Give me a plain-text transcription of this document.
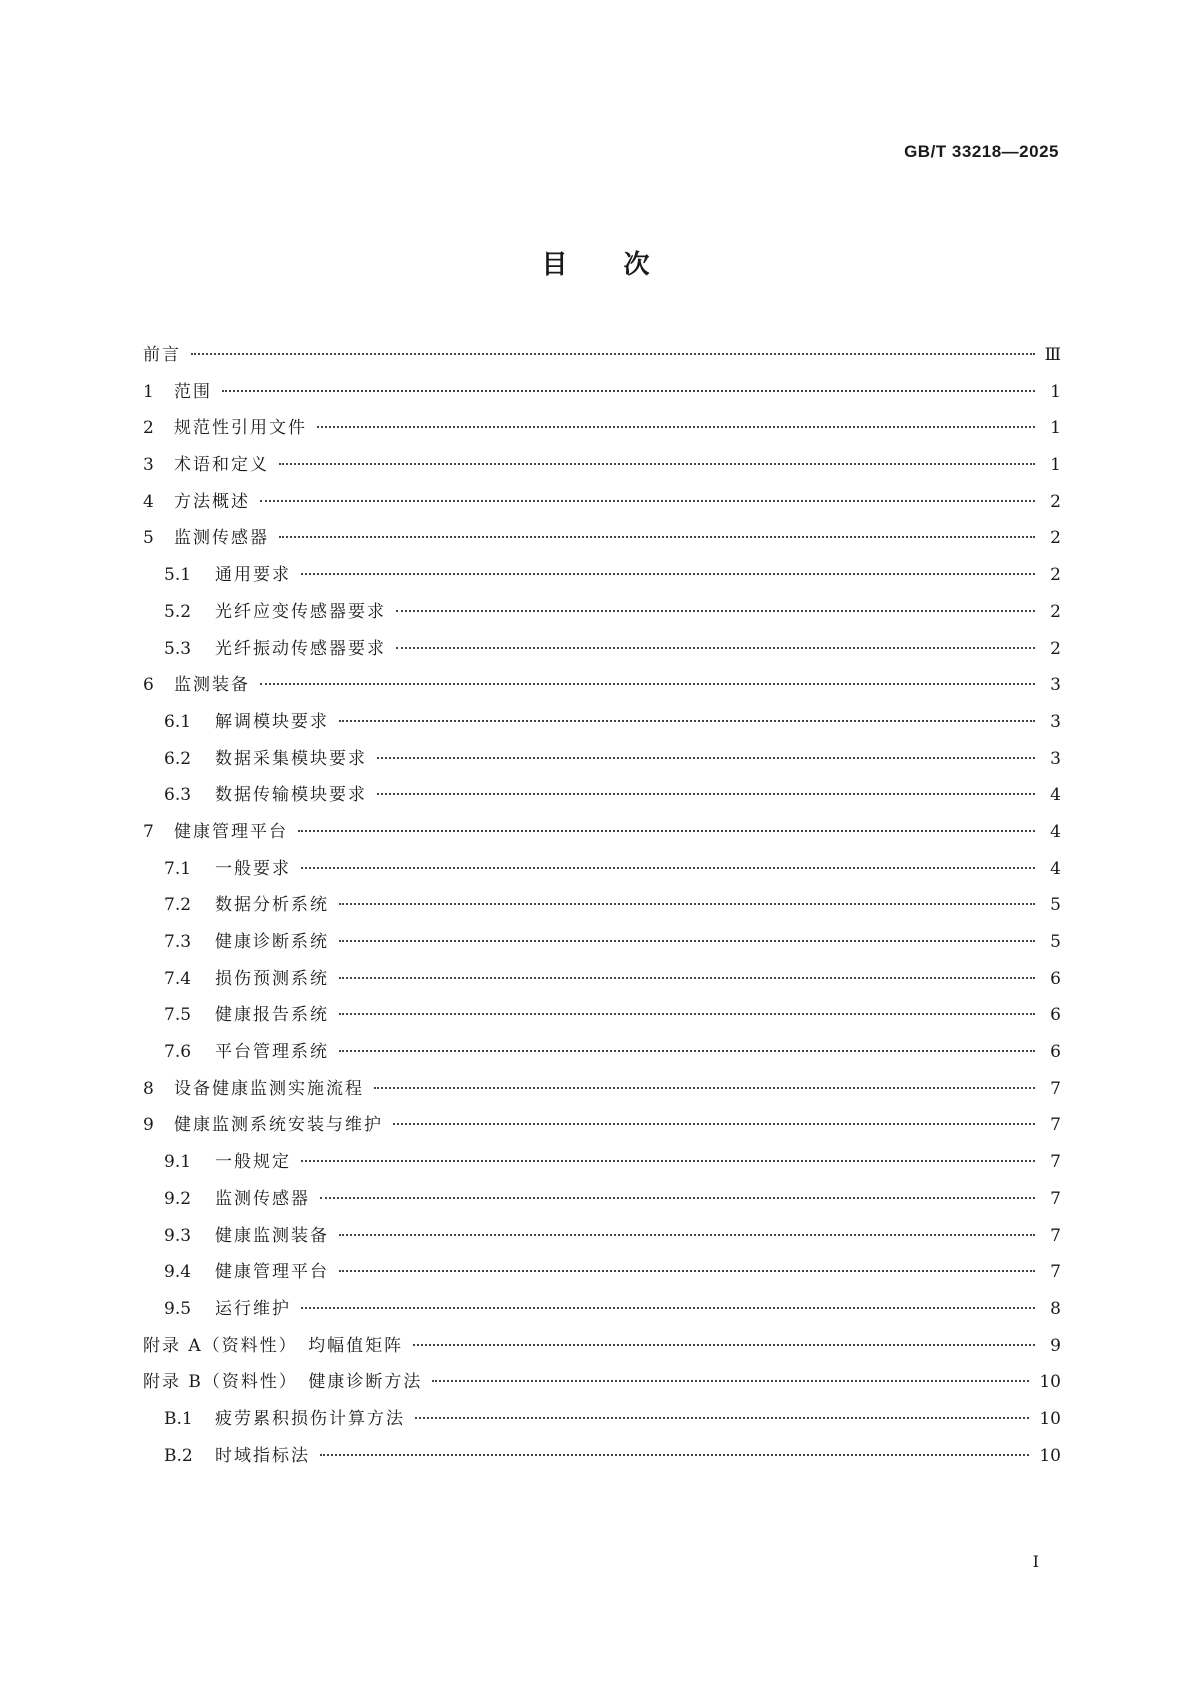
GB/T 33218—2025
目次
前言	Ⅲ
1	范围	1
2	规范性引用文件	1
3	术语和定义	1
4	方法概述	2
5	监测传感器	2
5.1	通用要求	2
5.2	光纤应变传感器要求	2
5.3	光纤振动传感器要求	2
6	监测装备	3
6.1	解调模块要求	3
6.2	数据采集模块要求	3
6.3	数据传输模块要求	4
7	健康管理平台	4
7.1	一般要求	4
7.2	数据分析系统	5
7.3	健康诊断系统	5
7.4	损伤预测系统	6
7.5	健康报告系统	6
7.6	平台管理系统	6
8	设备健康监测实施流程	7
9	健康监测系统安装与维护	7
9.1	一般规定	7
9.2	监测传感器	7
9.3	健康监测装备	7
9.4	健康管理平台	7
9.5	运行维护	8
附录 A（资料性）　均幅值矩阵	9
附录 B（资料性）　健康诊断方法	10
B.1	疲劳累积损伤计算方法	10
B.2	时域指标法	10
I
